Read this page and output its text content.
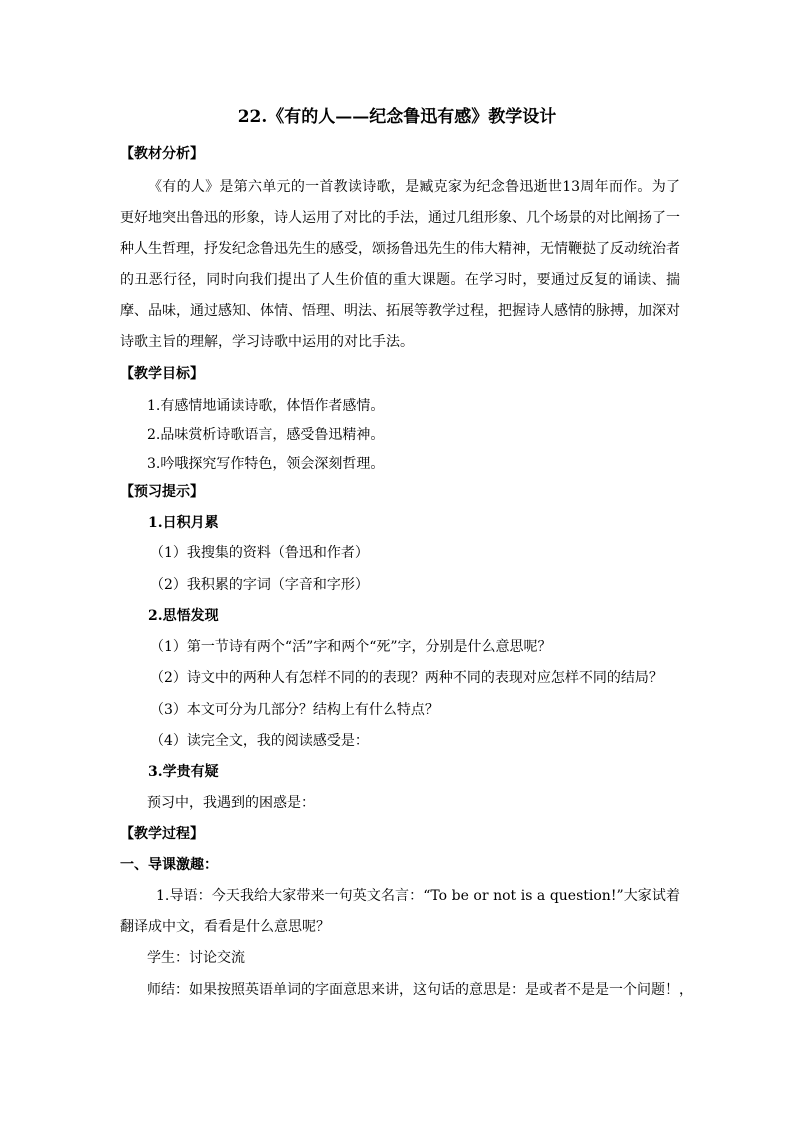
22.《有的人——纪念鲁迅有感》教学设计
【教材分析】
《有的人》是第六单元的一首教读诗歌，是臧克家为纪念鲁迅逝世13周年而作。为了更好地突出鲁迅的形象，诗人运用了对比的手法，通过几组形象、几个场景的对比阐扬了一种人生哲理，抒发纪念鲁迅先生的感受，颂扬鲁迅先生的伟大精神，无情鞭挞了反动统治者的丑恶行径，同时向我们提出了人生价值的重大课题。在学习时，要通过反复的诵读、揣摩、品味，通过感知、体情、悟理、明法、拓展等教学过程，把握诗人感情的脉搏，加深对诗歌主旨的理解，学习诗歌中运用的对比手法。
【教学目标】
1.有感情地诵读诗歌，体悟作者感情。
2.品味赏析诗歌语言，感受鲁迅精神。
3.吟哦探究写作特色，领会深刻哲理。
【预习提示】
1.日积月累
（1）我搜集的资料（鲁迅和作者）
（2）我积累的字词（字音和字形）
2.思悟发现
（1）第一节诗有两个“活”字和两个“死”字，分别是什么意思呢？
（2）诗文中的两种人有怎样不同的的表现？两种不同的表现对应怎样不同的结局？
（3）本文可分为几部分？结构上有什么特点？
（4）读完全文，我的阅读感受是：
3.学贵有疑
预习中，我遇到的困惑是：
【教学过程】
一、导课激趣：
1.导语：今天我给大家带来一句英文名言：“To be or not is a question!”大家试着翻译成中文，看看是什么意思呢？
学生：讨论交流
师结：如果按照英语单词的字面意思来讲，这句话的意思是：是或者不是是一个问题！，
